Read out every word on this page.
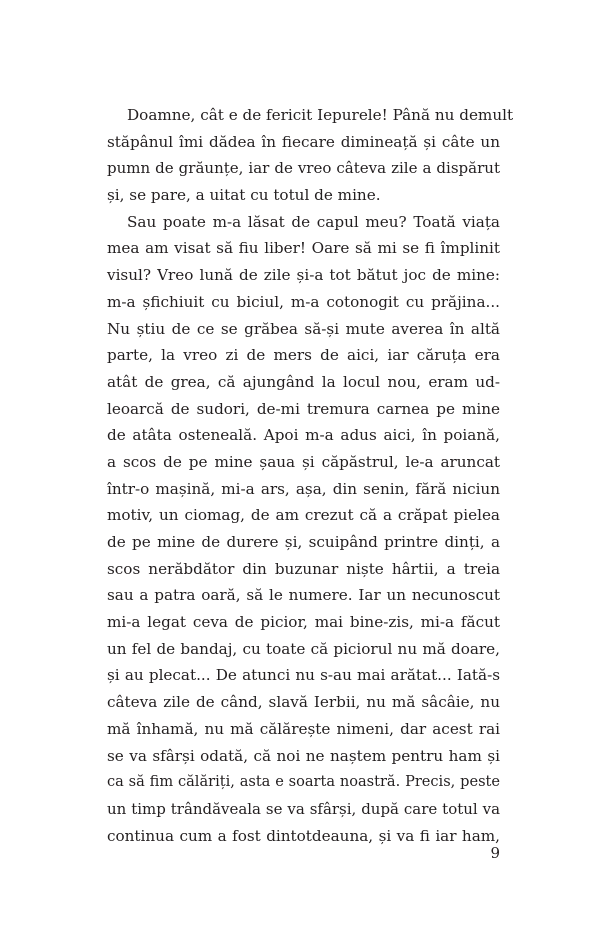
Doamne, cât e de fericit Iepurele! Până nu demult
stăpânul îmi dădea în fiecare dimineață și câte un
pumn de grăunțe, iar de vreo câteva zile a dispărut
și, se pare, a uitat cu totul de mine.
Sau poate m-a lăsat de capul meu? Toată viața
mea am visat să fiu liber! Oare să mi se fi împlinit
visul? Vreo lună de zile și-a tot bătut joc de mine:
m-a șfichiuit cu biciul, m-a cotonogit cu prăjina...
Nu știu de ce se grăbea să-și mute averea în altă
parte, la vreo zi de mers de aici, iar căruța era
atât de grea, că ajungând la locul nou, eram ud-
leoarcă de sudori, de-mi tremura carnea pe mine
de atâta osteneală. Apoi m-a adus aici, în poiană,
a scos de pe mine șaua și căpăstrul, le-a aruncat
într-o mașină, mi-a ars, așa, din senin, fără niciun
motiv, un ciomag, de am crezut că a crăpat pielea
de pe mine de durere și, scuipând printre dinți, a
scos nerăbdător din buzunar niște hârtii, a treia
sau a patra oară, să le numere. Iar un necunoscut
mi-a legat ceva de picior, mai bine-zis, mi-a făcut
un fel de bandaj, cu toate că piciorul nu mă doare,
și au plecat... De atunci nu s-au mai arătat... Iată-s
câteva zile de când, slavă Ierbii, nu mă sâcâie, nu
mă înhamă, nu mă călărește nimeni, dar acest rai
se va sfârși odată, că noi ne naștem pentru ham și
ca să fim călăriți, asta e soarta noastră. Precis, peste
un timp trândăveala se va sfârși, după care totul va
continua cum a fost dintotdeauna, și va fi iar ham,
9
